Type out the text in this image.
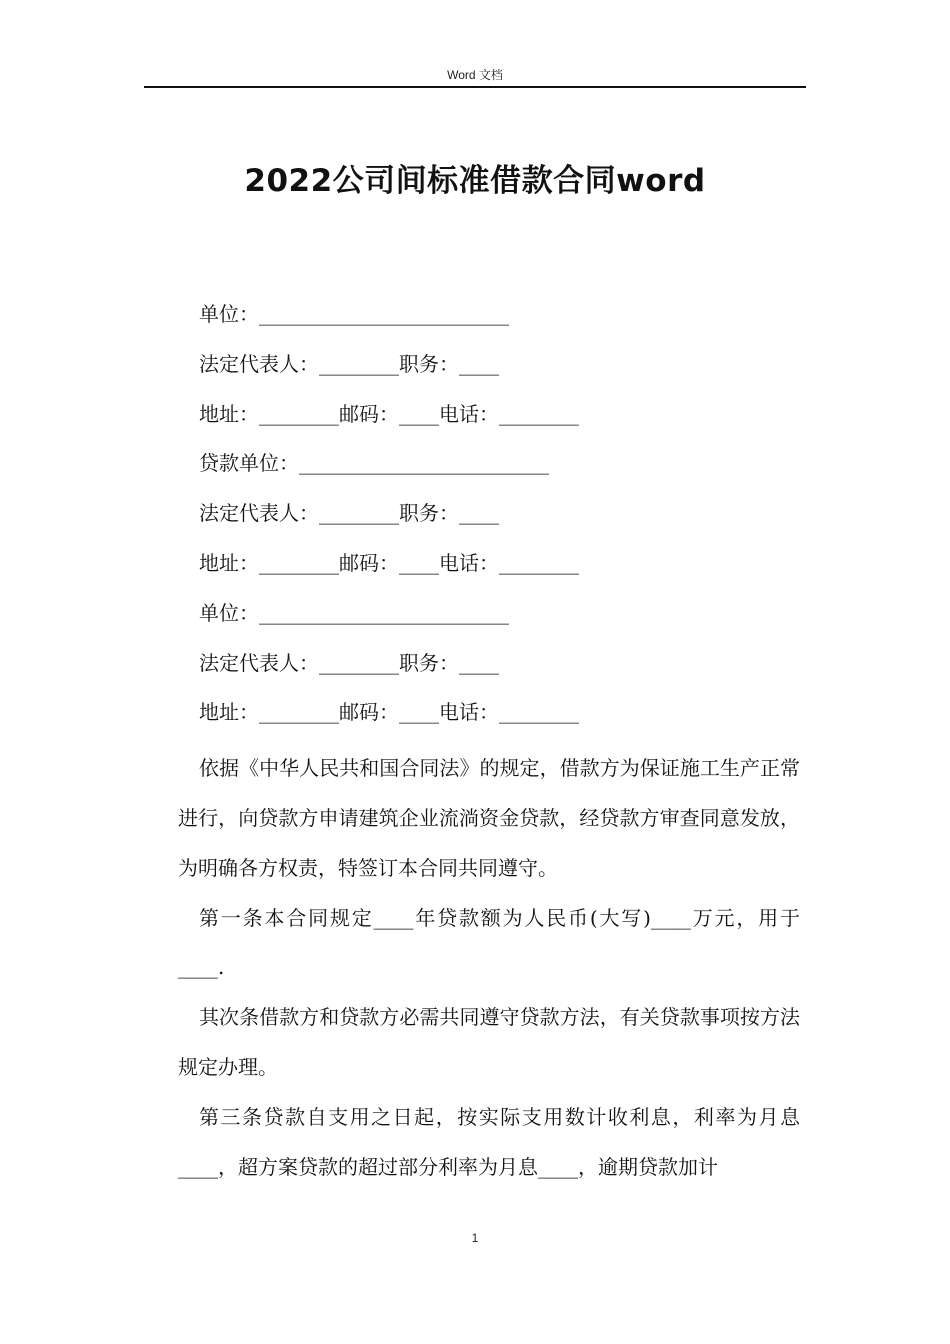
Word 文档
2022公司间标准借款合同word
单位：_________________________
法定代表人：________职务：____
地址：________邮码：____电话：________
贷款单位：_________________________
法定代表人：________职务：____
地址：________邮码：____电话：________
单位：_________________________
法定代表人：________职务：____
地址：________邮码：____电话：________

依据《中华人民共和国合同法》的规定，借款方为保证施工生产正常进行，向贷款方申请建筑企业流淌资金贷款，经贷款方审查同意发放，为明确各方权责，特签订本合同共同遵守。

第一条本合同规定____年贷款额为人民币(大写)____万元，用于____.

其次条借款方和贷款方必需共同遵守贷款方法，有关贷款事项按方法规定办理。

第三条贷款自支用之日起，按实际支用数计收利息，利率为月息____，超方案贷款的超过部分利率为月息____，逾期贷款加计

1
